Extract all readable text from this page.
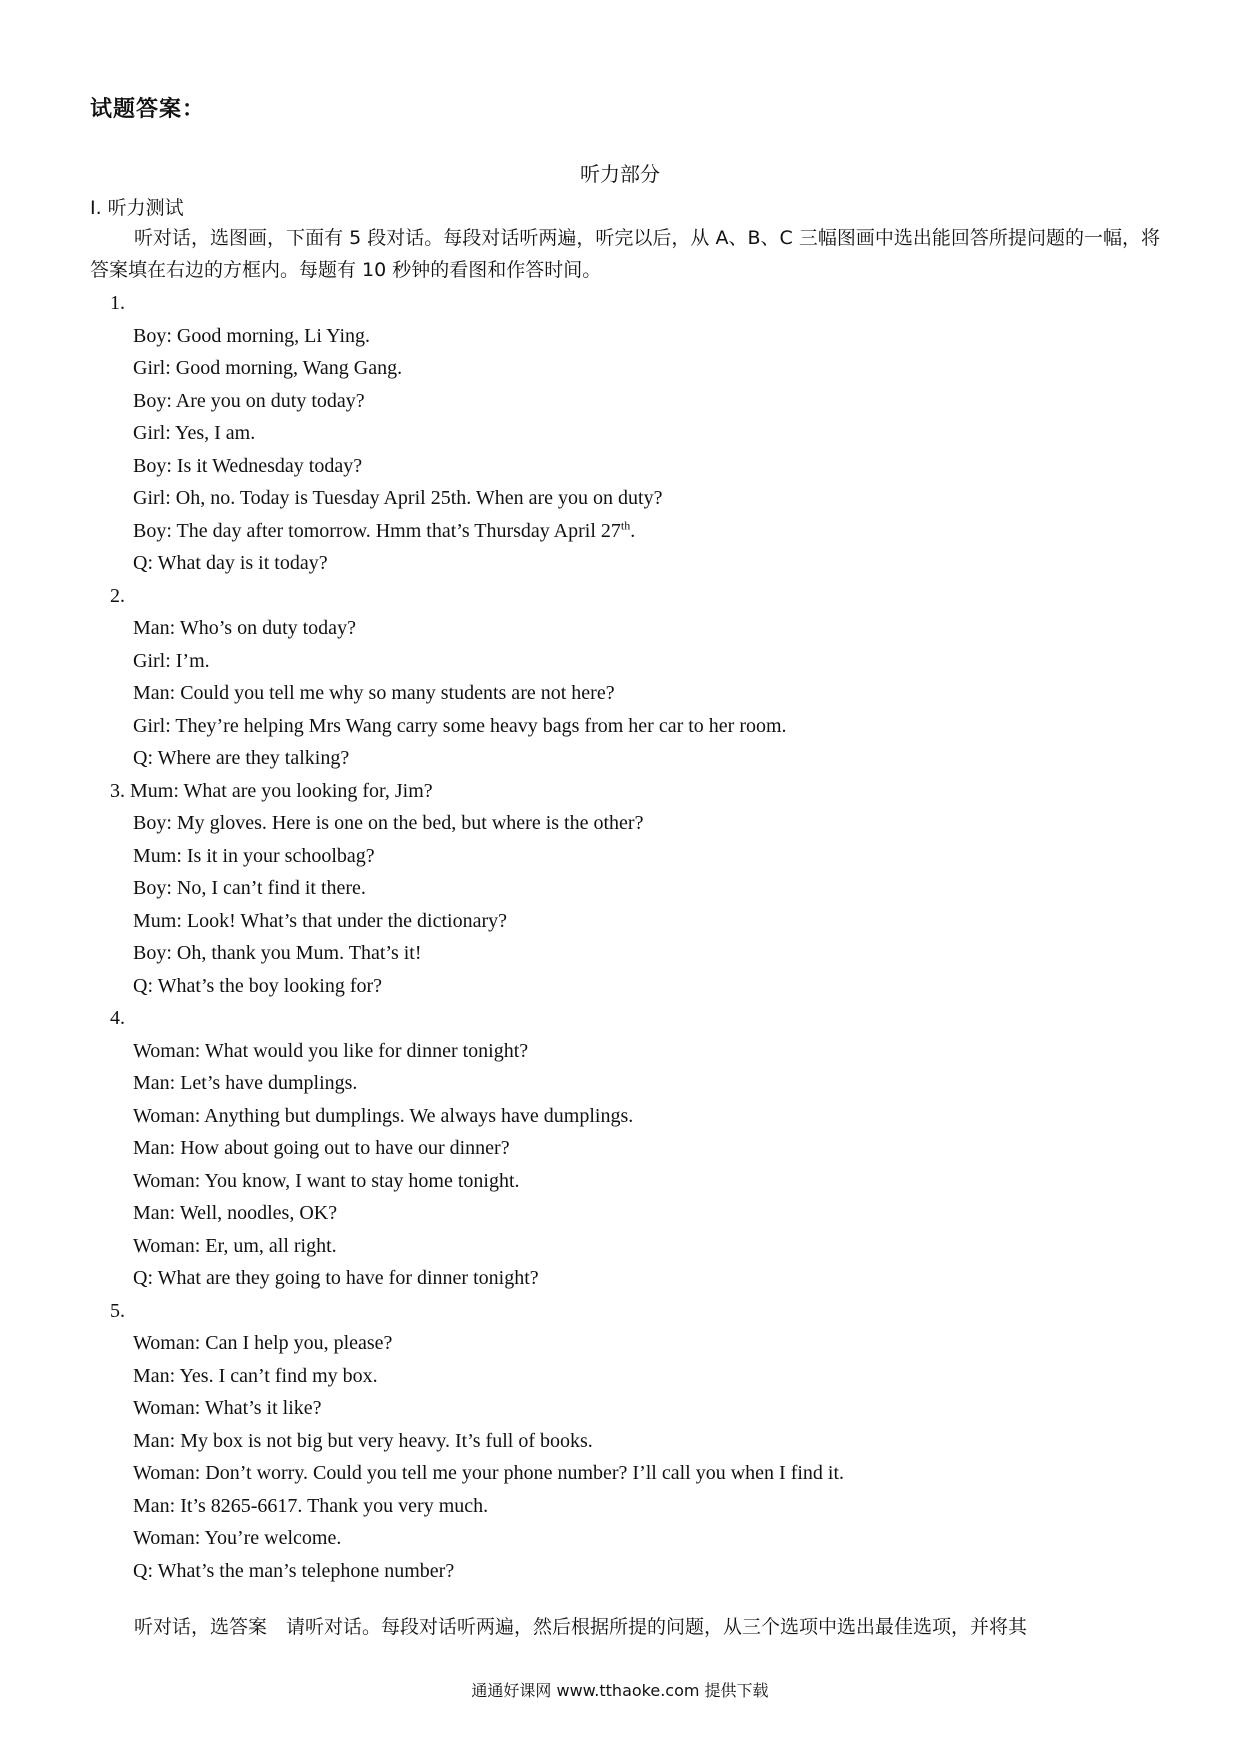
试题答案：
听力部分
I. 听力测试
听对话，选图画，下面有 5 段对话。每段对话听两遍，听完以后，从 A、B、C 三幅图画中选出能回答所提问题的一幅，将答案填在右边的方框内。每题有 10 秒钟的看图和作答时间。
1.
Boy: Good morning, Li Ying.
Girl: Good morning, Wang Gang.
Boy: Are you on duty today?
Girl: Yes, I am.
Boy: Is it Wednesday today?
Girl: Oh, no. Today is Tuesday April 25th. When are you on duty?
Boy: The day after tomorrow. Hmm that’s Thursday April 27th.
Q: What day is it today?
2.
Man: Who’s on duty today?
Girl: I’m.
Man: Could you tell me why so many students are not here?
Girl: They’re helping Mrs Wang carry some heavy bags from her car to her room.
Q: Where are they talking?
3. Mum: What are you looking for, Jim?
Boy: My gloves. Here is one on the bed, but where is the other?
Mum: Is it in your schoolbag?
Boy: No, I can’t find it there.
Mum: Look! What’s that under the dictionary?
Boy: Oh, thank you Mum. That’s it!
Q: What’s the boy looking for?
4.
Woman: What would you like for dinner tonight?
Man: Let’s have dumplings.
Woman: Anything but dumplings. We always have dumplings.
Man: How about going out to have our dinner?
Woman: You know, I want to stay home tonight.
Man: Well, noodles, OK?
Woman: Er, um, all right.
Q: What are they going to have for dinner tonight?
5.
Woman: Can I help you, please?
Man: Yes. I can’t find my box.
Woman: What’s it like?
Man: My box is not big but very heavy. It’s full of books.
Woman: Don’t worry. Could you tell me your phone number? I’ll call you when I find it.
Man: It’s 8265-6617. Thank you very much.
Woman: You’re welcome.
Q: What’s the man’s telephone number?
听对话，选答案　请听对话。每段对话听两遍，然后根据所提的问题，从三个选项中选出最佳选项，并将其
通通好课网 www.tthaoke.com 提供下载
